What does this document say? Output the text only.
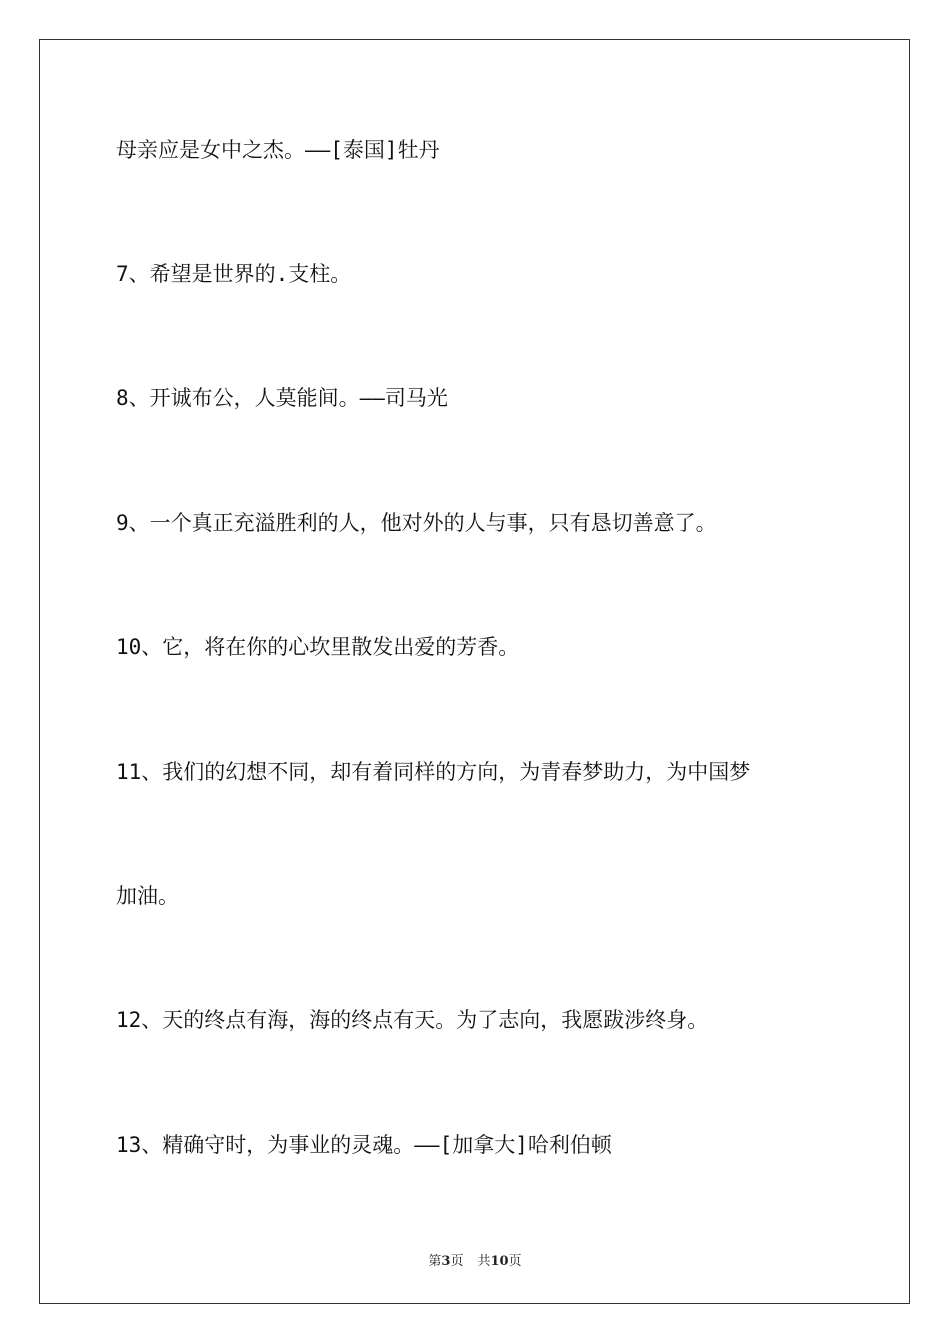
母亲应是女中之杰。——[泰国]牡丹
7、希望是世界的.支柱。
8、开诚布公，人莫能间。——司马光
9、一个真正充溢胜利的人，他对外的人与事，只有恳切善意了。
10、它，将在你的心坎里散发出爱的芳香。
11、我们的幻想不同，却有着同样的方向，为青春梦助力，为中国梦
加油。
12、天的终点有海，海的终点有天。为了志向，我愿跋涉终身。
13、精确守时，为事业的灵魂。——[加拿大]哈利伯顿
第3页 共10页
